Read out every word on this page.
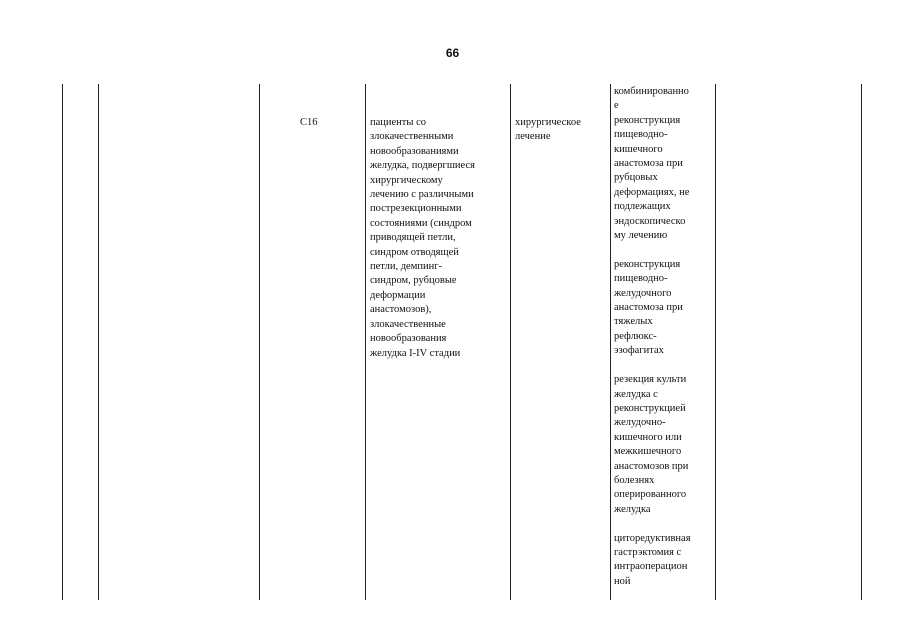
66
C16	пациенты со
злокачественными
новообразованиями
желудка, подвергшиеся
хирургическому
лечению с различными
пострезекционными
состояниями (синдром
приводящей петли,
синдром отводящей
петли, демпинг-
синдром, рубцовые
деформации
анастомозов),
злокачественные
новообразования
желудка I-IV стадии
хирургическое
лечение
комбинированно
е
реконструкция
пищеводно-
кишечного
анастомоза при
рубцовых
деформациях, не
подлежащих
эндоскопическо
му лечению
реконструкция
пищеводно-
желудочного
анастомоза при
тяжелых
рефлюкс-
эзофагитах
резекция культи
желудка с
реконструкцией
желудочно-
кишечного или
межкишечного
анастомозов при
болезнях
оперированного
желудка
циторедуктивная
гастрэктомия с
интраоперацион
ной
